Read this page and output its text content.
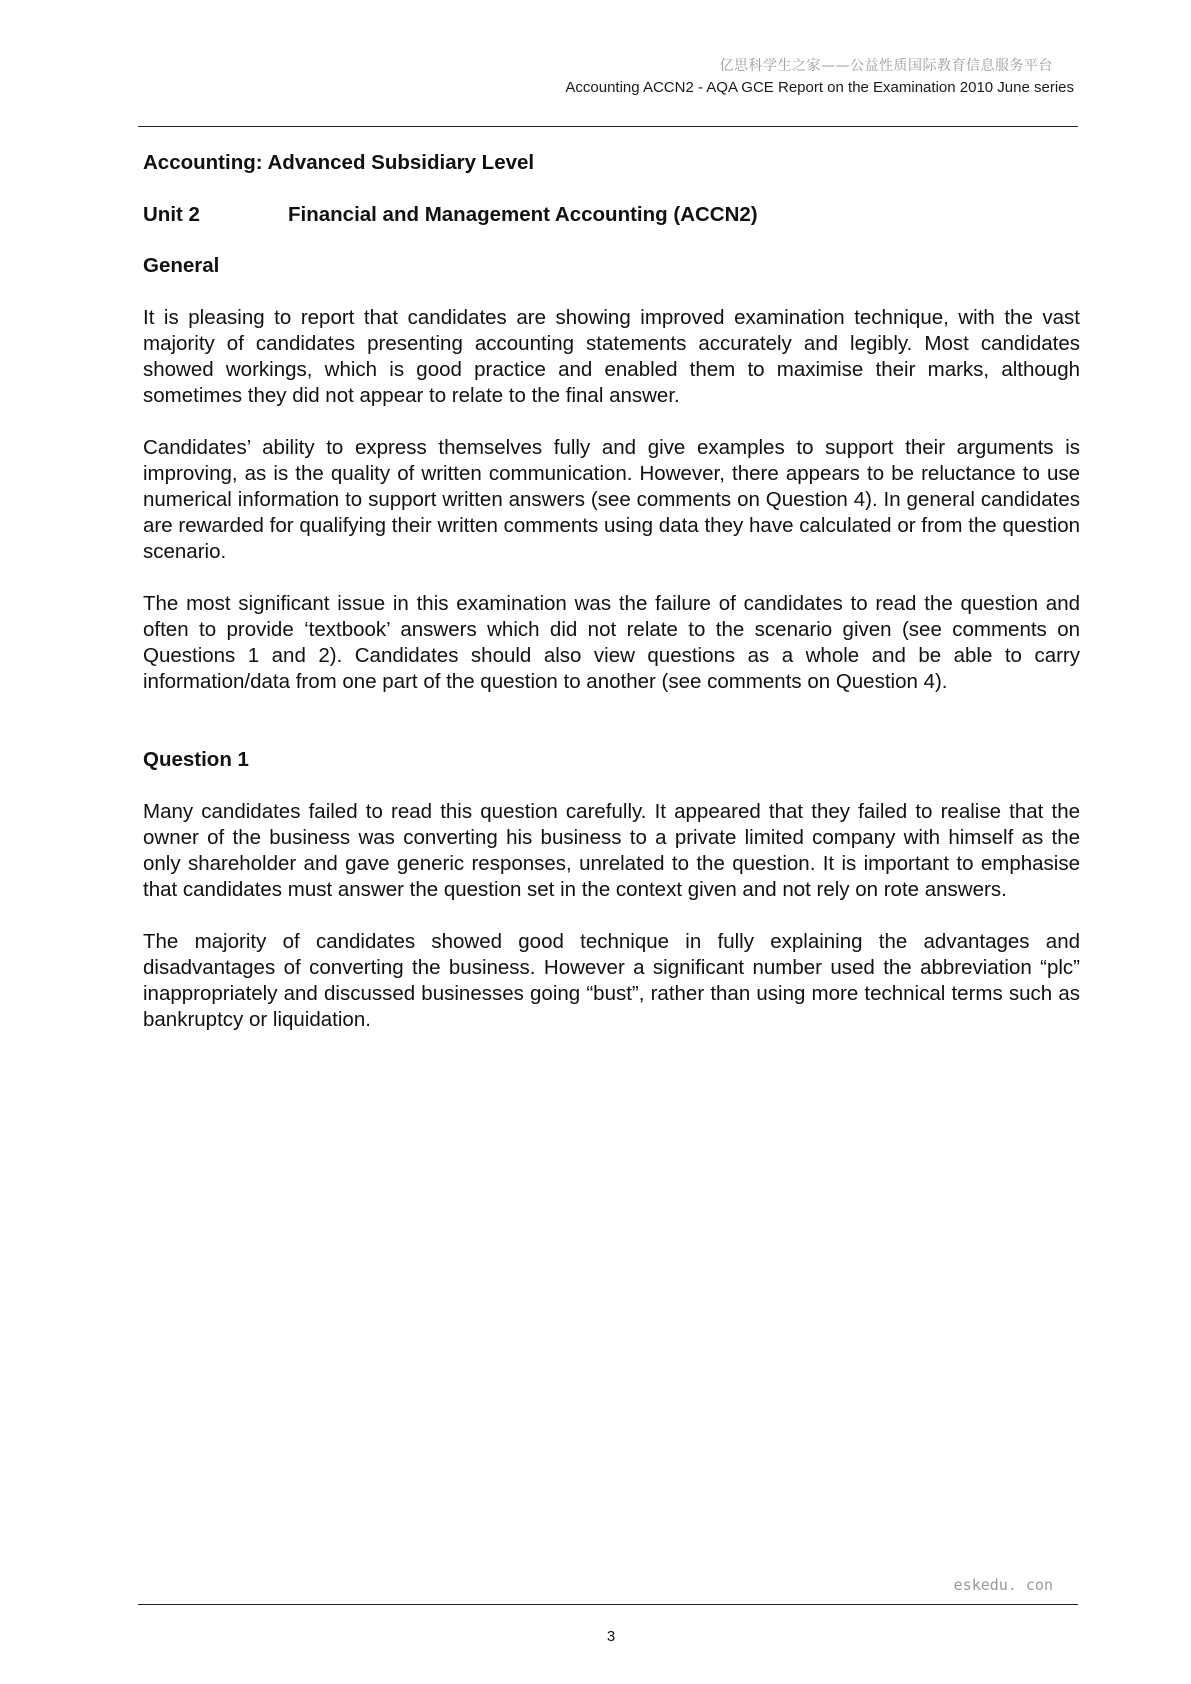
亿思科学生之家——公益性质国际教育信息服务平台
Accounting ACCN2 - AQA GCE Report on the Examination 2010 June series
Accounting: Advanced Subsidiary Level
Unit 2	Financial and Management Accounting (ACCN2)
General

It is pleasing to report that candidates are showing improved examination technique, with the vast majority of candidates presenting accounting statements accurately and legibly. Most candidates showed workings, which is good practice and enabled them to maximise their marks, although sometimes they did not appear to relate to the final answer.

Candidates’ ability to express themselves fully and give examples to support their arguments is improving, as is the quality of written communication. However, there appears to be reluctance to use numerical information to support written answers (see comments on Question 4). In general candidates are rewarded for qualifying their written comments using data they have calculated or from the question scenario.

The most significant issue in this examination was the failure of candidates to read the question and often to provide ‘textbook’ answers which did not relate to the scenario given (see comments on Questions 1 and 2). Candidates should also view questions as a whole and be able to carry information/data from one part of the question to another (see comments on Question 4).

Question 1

Many candidates failed to read this question carefully. It appeared that they failed to realise that the owner of the business was converting his business to a private limited company with himself as the only shareholder and gave generic responses, unrelated to the question. It is important to emphasise that candidates must answer the question set in the context given and not rely on rote answers.

The majority of candidates showed good technique in fully explaining the advantages and disadvantages of converting the business. However a significant number used the abbreviation “plc” inappropriately and discussed businesses going “bust”, rather than using more technical terms such as bankruptcy or liquidation.

eskedu. con
3
